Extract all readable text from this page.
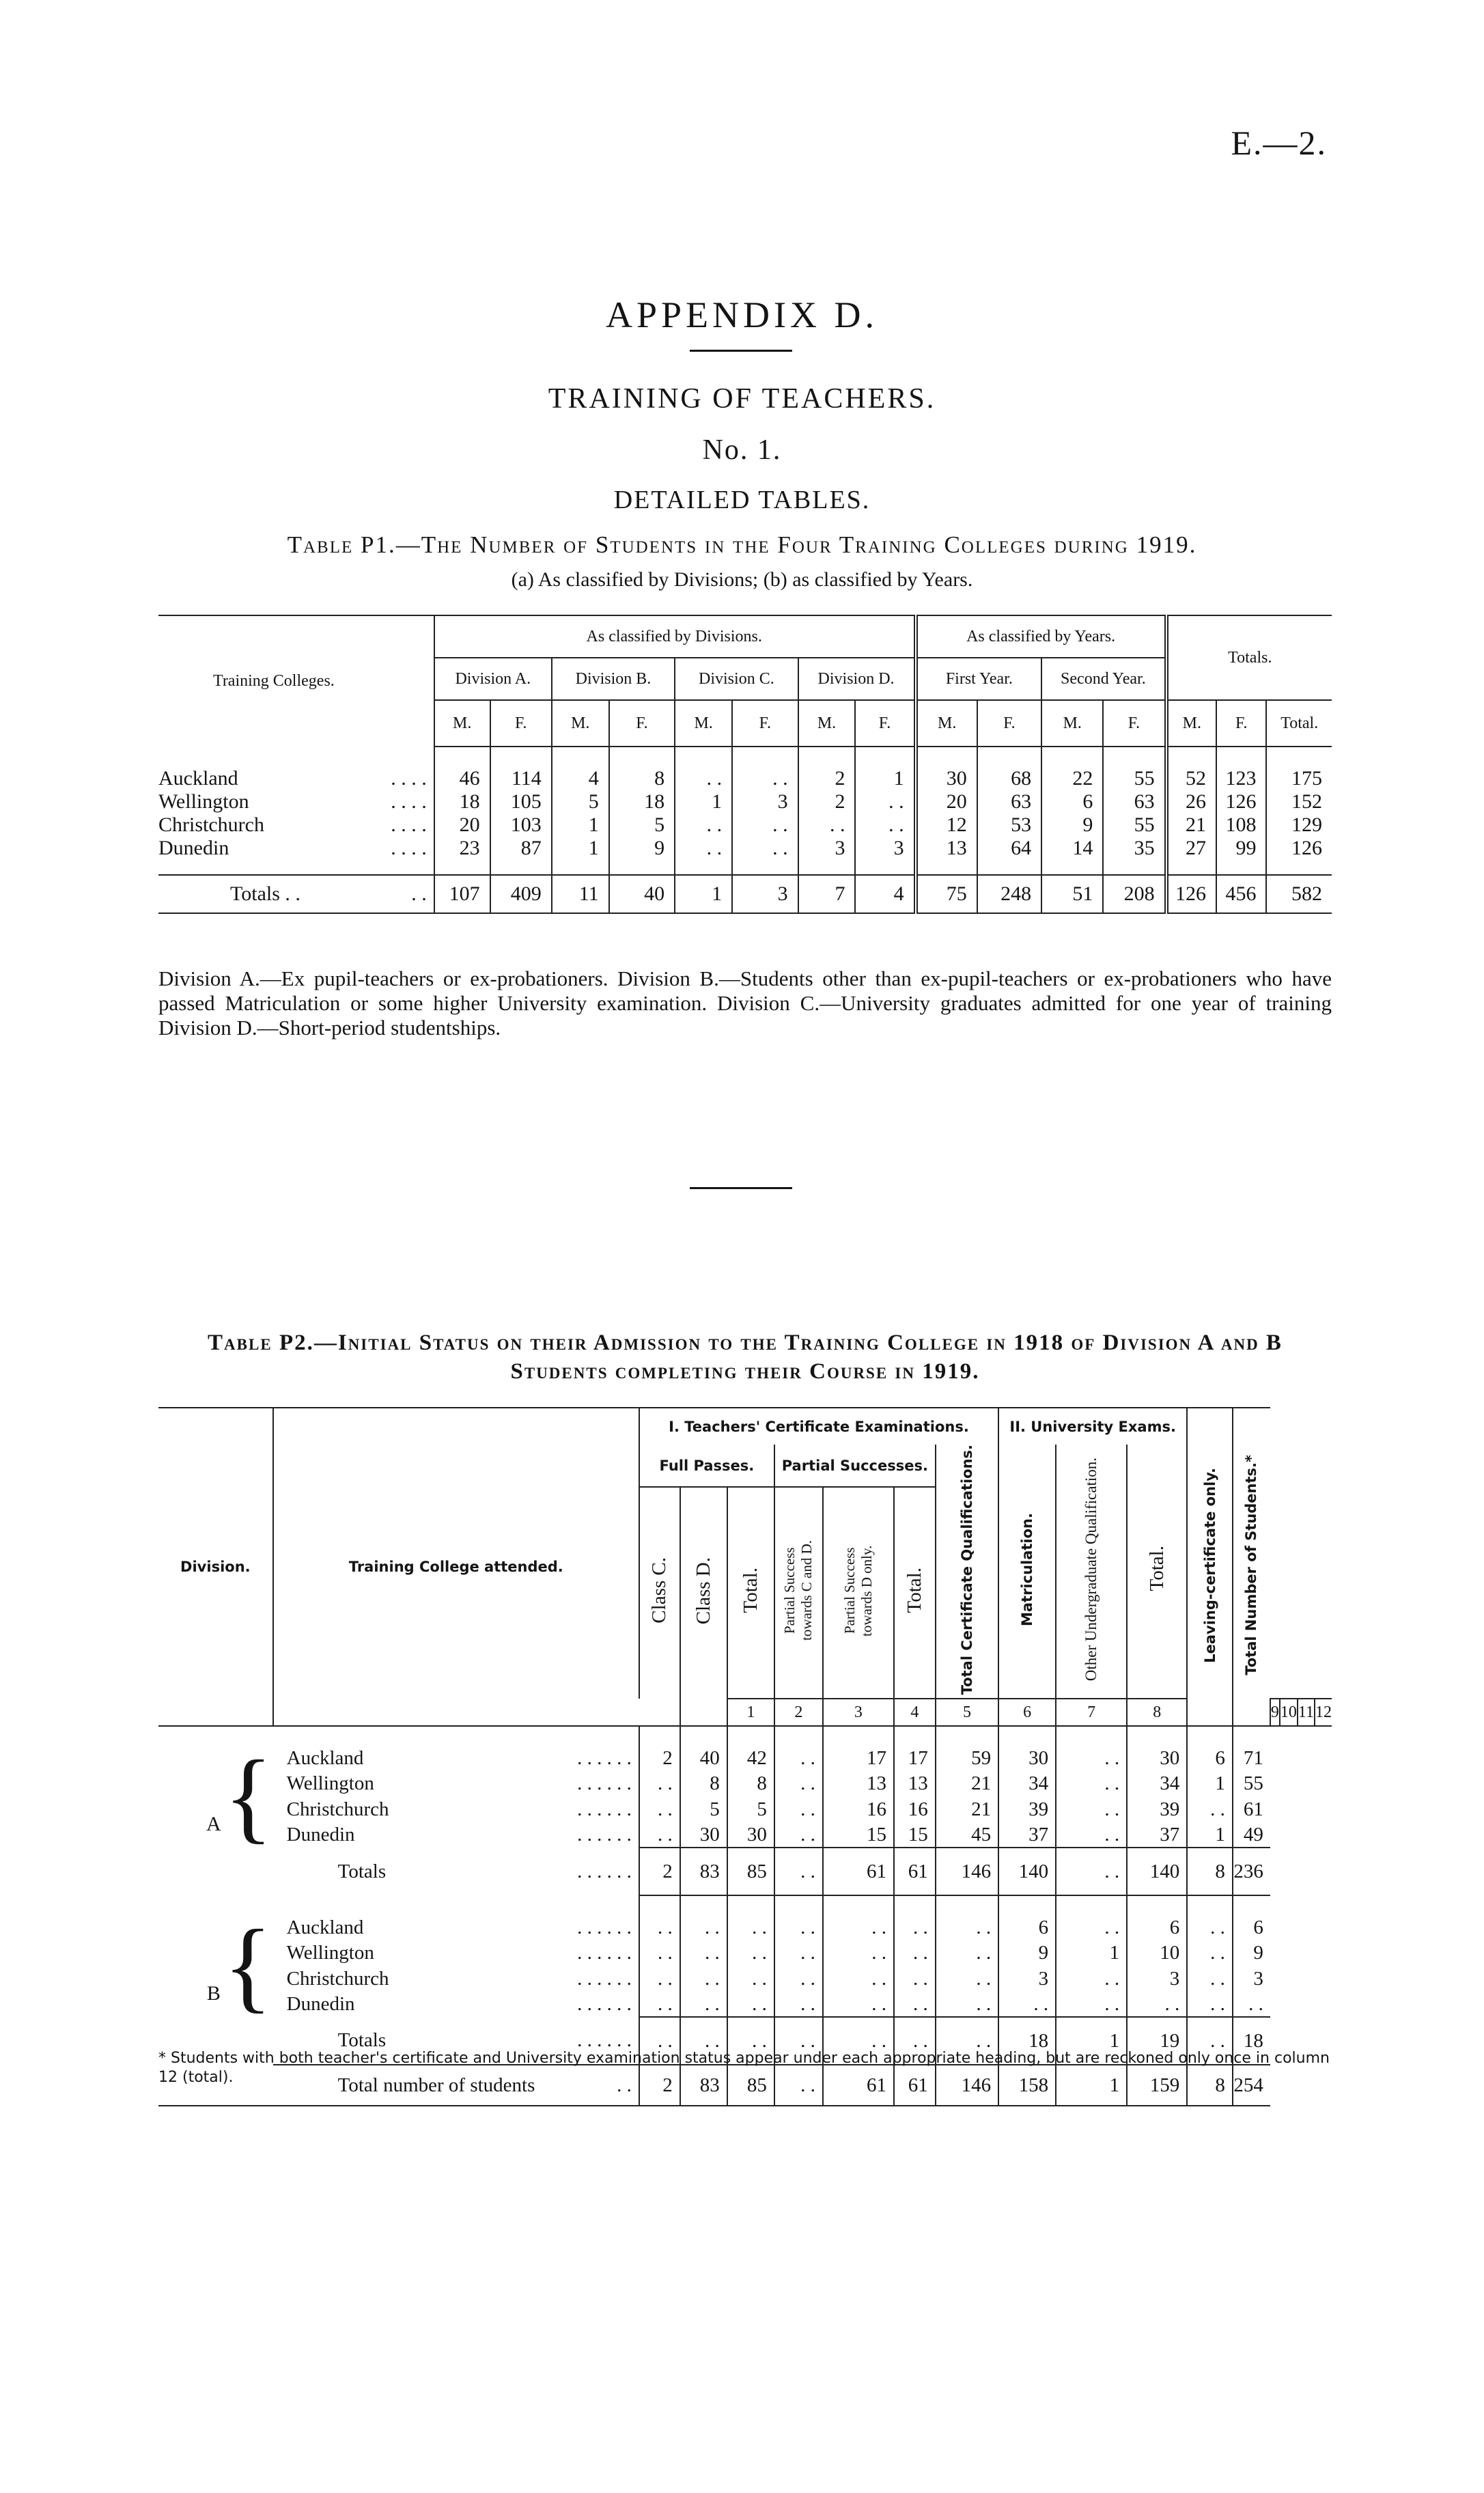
E.—2.
APPENDIX D.
TRAINING OF TEACHERS.
No. 1.
DETAILED TABLES.
Table P1.—The Number of Students in the Four Training Colleges during 1919.
(a) As classified by Divisions; (b) as classified by Years.
Training Colleges.	As classified by Divisions.								As classified by Years.				Totals.		
	Division A.		Division B.		Division C.		Division D.		First Year.		Second Year.				
	M.	F.	M.	F.	M.	F.	M.	F.	M.	F.	M.	F.	M.	F.	Total.

Auckland . . . .	46	114	4	8	. .	. .	2	1	30	68	22	55	52	123	175
Wellington . . . .	18	105	5	18	1	3	2	. .	20	63	6	63	26	126	152
Christchurch . . . .	20	103	1	5	. .	. .	. .	. .	12	53	9	55	21	108	129
Dunedin . . . .	23	87	1	9	. .	. .	3	3	13	64	14	35	27	99	126

Totals . . . .	107	409	11	40	1	3	7	4	75	248	51	208	126	456	582
Division A.—Ex pupil-teachers or ex-probationers. Division B.—Students other than ex-pupil-teachers or ex-probationers who have passed Matriculation or some higher University examination. Division C.—University graduates admitted for one year of training Division D.—Short-period studentships.
Table P2.—Initial Status on their Admission to the Training College in 1918 of Division A and B Students completing their Course in 1919.
Division.	Training College attended.	I. Teachers' Certificate Examinations.							II. University Exams.			Leaving-certificate only.	Total Number of Students.*				
		Full Passes.			Partial Successes.			Total Certificate Qualifications.	Matriculation.	Other Undergraduate Qualification.	Total.						
		Class C.	Class D.	Total.	Partial Success towards C and D.	Partial Success towards D only.	Total.										
				1	2	3	4	5	6	7	8			9	10	11	12

A{	Auckland . . . . . .	2	40	42	. .	17	17	59	30	. .	30	6	71				
	Wellington . . . . . .	. .	8	8	. .	13	13	21	34	. .	34	1	55				
	Christchurch . . . . . .	. .	5	5	. .	16	16	21	39	. .	39	. .	61				
	Dunedin . . . . . .	. .	30	30	. .	15	15	45	37	. .	37	1	49				
	Totals . . . . . .	2	83	85	. .	61	61	146	140	. .	140	8	236				

B{	Auckland . . . . . .	. .	. .	. .	. .	. .	. .	. .	6	. .	6	. .	6				
	Wellington . . . . . .	. .	. .	. .	. .	. .	. .	. .	9	1	10	. .	9				
	Christchurch . . . . . .	. .	. .	. .	. .	. .	. .	. .	3	. .	3	. .	3				
	Dunedin . . . . . .	. .	. .	. .	. .	. .	. .	. .	. .	. .	. .	. .	. .				
	Totals . . . . . .	. .	. .	. .	. .	. .	. .	. .	18	1	19	. .	18				
	Total number of students . .	2	83	85	. .	61	61	146	158	1	159	8	254				
* Students with both teacher's certificate and University examination status appear under each appropriate heading, but are reckoned only once in column 12 (total).
